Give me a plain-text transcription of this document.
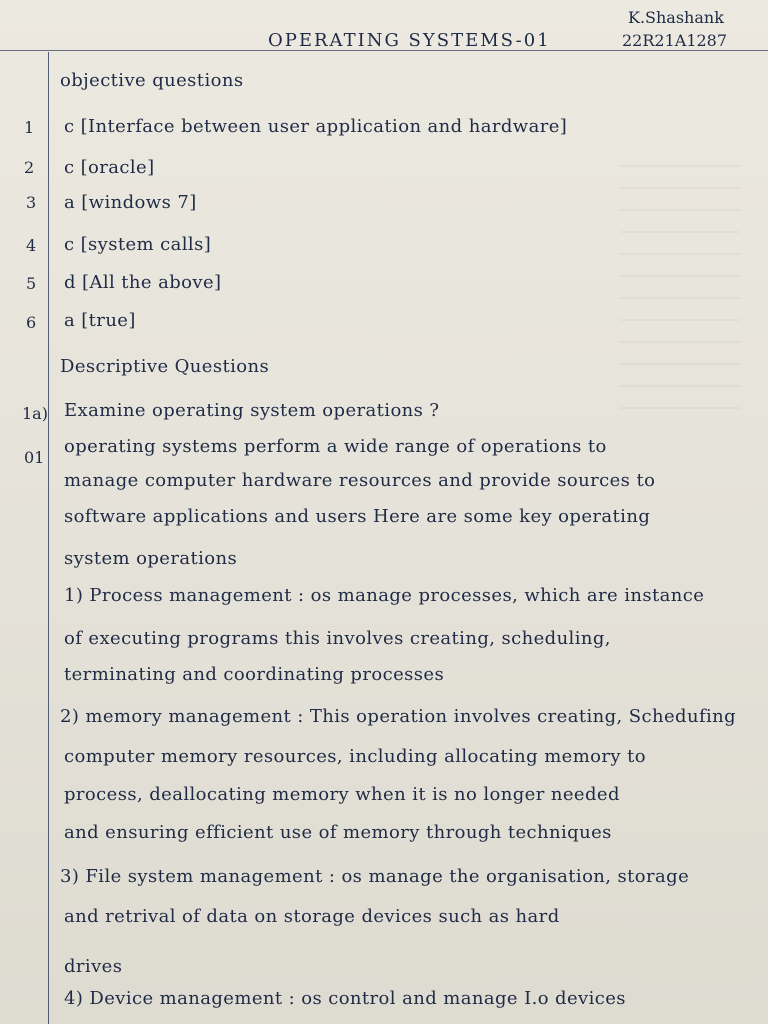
K.Shashank
22R21A1287
OPERATING SYSTEMS-01
objective questions
1 c [Interface between user application and hardware]
2 c [oracle]
3 a [windows 7]
4 c [system calls]
5 d [All the above]
6 a [true]
Descriptive Questions
1a) Examine operating system operations ?
01
operating systems perform a wide range of operations to
manage computer hardware resources and provide sources to
software applications and users Here are some key operating
system operations
1) Process management : os manage processes, which are instance
of executing programs this involves creating, scheduling,
terminating and coordinating processes
2) memory management : This operation involves creating, Schedufing
computer memory resources, including allocating memory to
process, deallocating memory when it is no longer needed
and ensuring efficient use of memory through techniques
3) File system management : os manage the organisation, storage
and retrival of data on storage devices such as hard
drives
4) Device management : os control and manage I.o devices
